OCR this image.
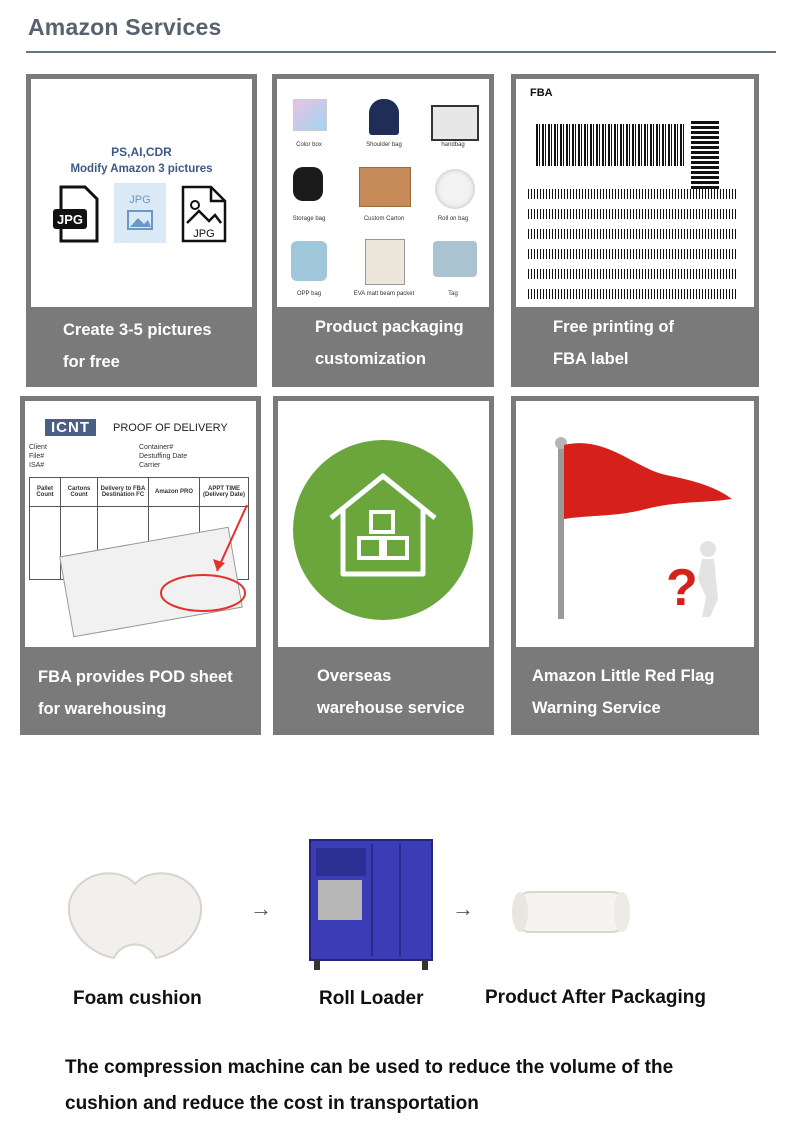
Amazon Services
PS,AI,CDR
Modify Amazon 3 pictures
JPG
JPG
JPG
Create 3-5 pictures
for free
Color box	Shoulder bag	handbag
Storage bag	Custom Carton	Roll on bag
OPP bag	EVA matt beam packet	Tag
Product packaging
customization
FBA
Free printing of
FBA label
ICNT	PROOF OF DELIVERY
Client
File#
ISA#
Container#
Destuffing Date
Carrier
Pallet Count	Cartons Count	Delivery to FBA Destination FC	Amazon PRO	APPT TIME (Delivery Date)

FBA provides POD sheet
for warehousing
Overseas
warehouse service
?
Amazon Little Red Flag
Warning Service
→	→
Foam cushion	Roll Loader	Product After Packaging
The compression machine can be used to reduce the volume of the
cushion and reduce the cost in transportation
